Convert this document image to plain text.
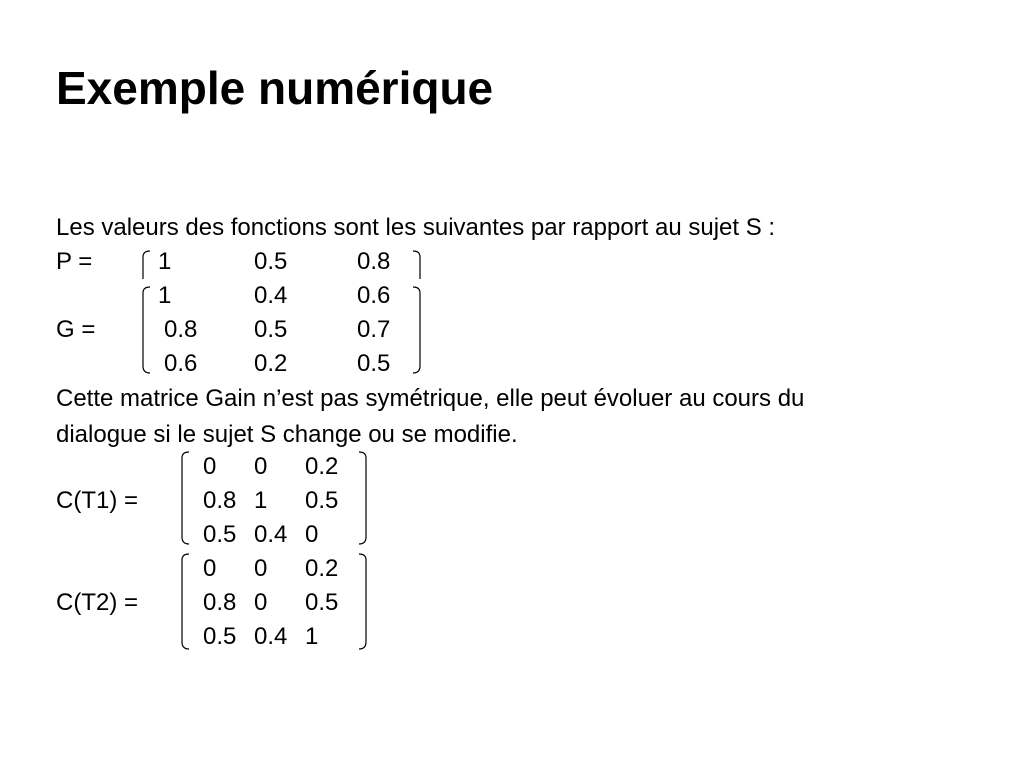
Exemple numérique
Les valeurs des fonctions sont les suivantes par rapport au sujet S :
P =	1	0.5	0.8
1	0.4	0.6
G =	0.8 0.5	0.7
0.6 0.2	0.5
Cette matrice Gain n’est pas symétrique, elle peut évoluer au cours du
dialogue si le sujet S change ou se modifie.
C(T1) =
0 0 0.2
0.8 1 0.5
0.5 0.4 0
C(T2) =
0 0 0.2
0.8 0 0.5
0.5 0.4 1
